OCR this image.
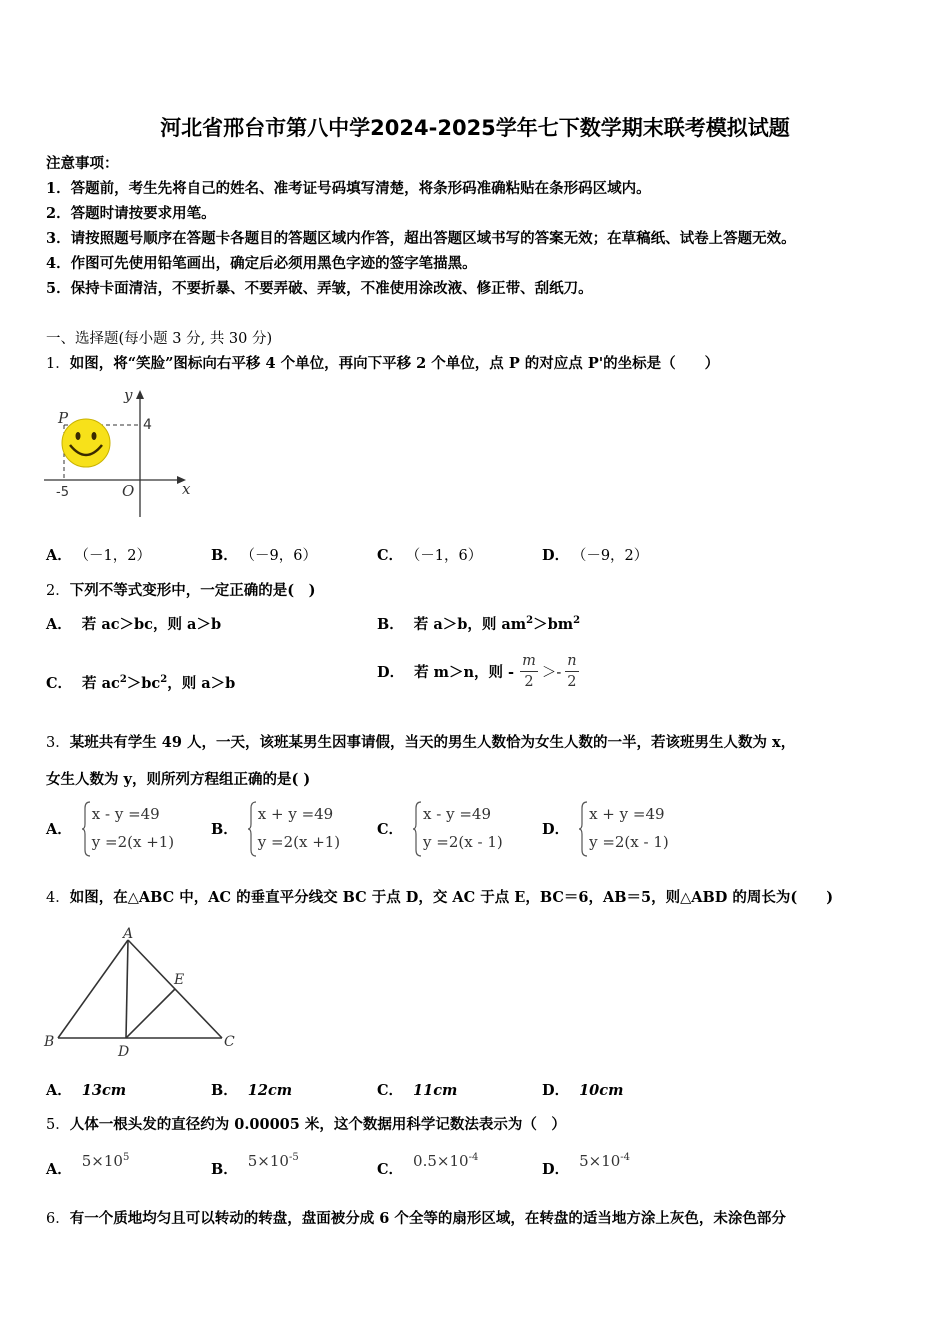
河北省邢台市第八中学2024-2025学年七下数学期末联考模拟试题
注意事项：
1．答题前，考生先将自己的姓名、准考证号码填写清楚，将条形码准确粘贴在条形码区域内。
2．答题时请按要求用笔。
3．请按照题号顺序在答题卡各题目的答题区域内作答，超出答题区域书写的答案无效；在草稿纸、试卷上答题无效。
4．作图可先使用铅笔画出，确定后必须用黑色字迹的签字笔描黑。
5．保持卡面清洁，不要折暴、不要弄破、弄皱，不准使用涂改液、修正带、刮纸刀。
一、选择题(每小题 3 分, 共 30 分)
1．如图，将“笑脸”图标向右平移 4 个单位，再向下平移 2 个单位，点 P 的对应点 P'的坐标是（　　）
y
x
P
O
4
-5
A． （－1，2）	B． （－9，6）	C． （－1，6）	D． （－9，2）
2．下列不等式变形中，一定正确的是(　)
A． 若 ac＞bc，则 a＞b	B． 若 a＞b，则 $am^2>bm^2$
C． 若 $ac^2>bc^2$，则 a＞b
D． 若 m＞n，则 - $\frac{m}{2} >- \frac{n}{2}$
3．某班共有学生 49 人，一天，该班某男生因事请假，当天的男生人数恰为女生人数的一半，若该班男生人数为 x，
女生人数为 y，则所列方程组正确的是( )
A．
x - y =49
y =2(x +1)
B．
x + y =49
y =2(x +1)
C．
x - y =49
y =2(x - 1)
D．
x + y =49
y =2(x - 1)
4．如图，在△ABC 中，AC 的垂直平分线交 BC 于点 D，交 AC 于点 E，BC＝6，AB＝5，则△ABD 的周长为(　　)
A
B	C
D
E
A． 13cm	B． 12cm	C． 11cm	D． 10cm
5．人体一根头发的直径约为 0.00005 米，这个数据用科学记数法表示为（　）
A． $5\times 10^5$
B． $5\times 10^{-5}$
C． $0.5\times 10^{-4}$
D． $5\times 10^{-4}$
6．有一个质地均匀且可以转动的转盘，盘面被分成 6 个全等的扇形区域，在转盘的适当地方涂上灰色，未涂色部分
